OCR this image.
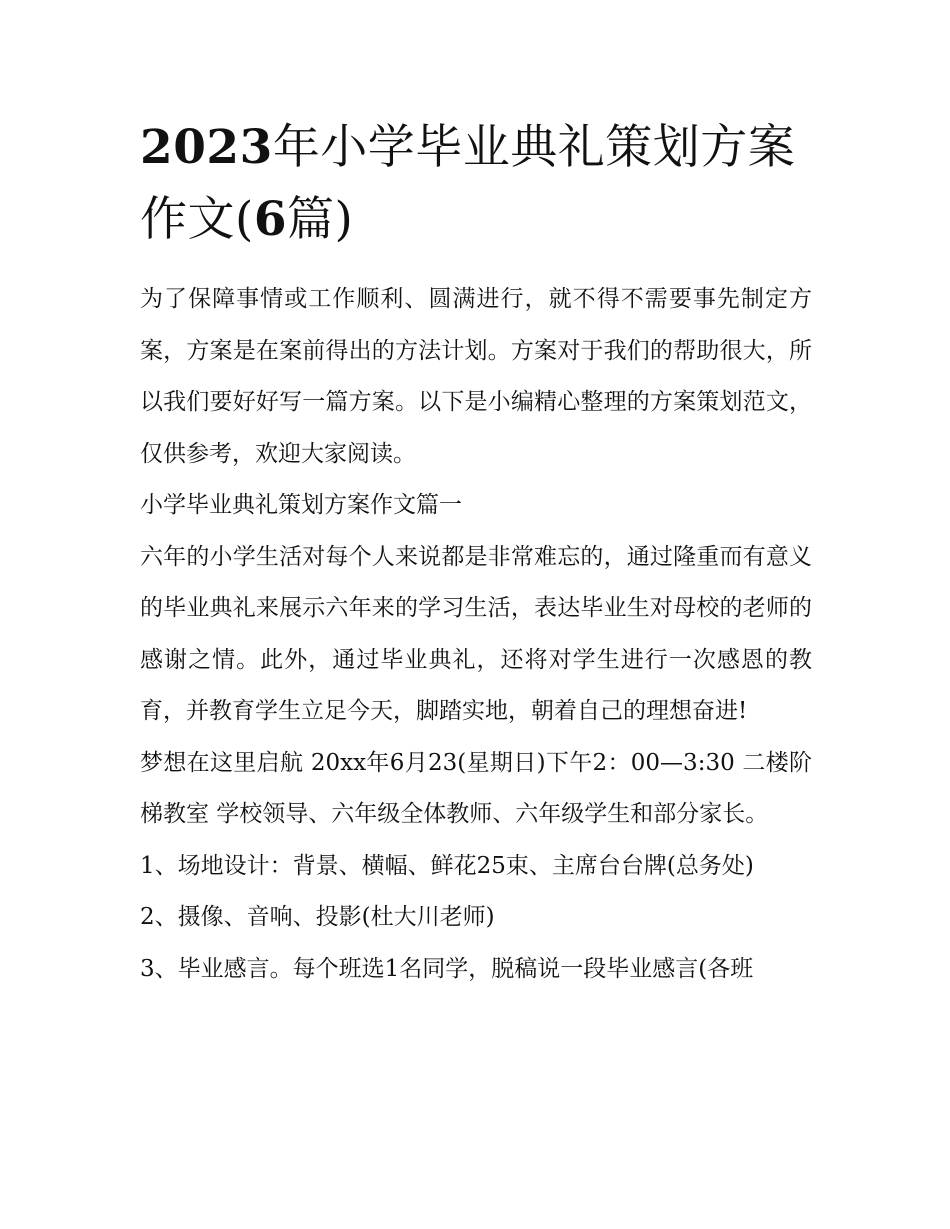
2023年小学毕业典礼策划方案作文(6篇)

为了保障事情或工作顺利、圆满进行，就不得不需要事先制定方案，方案是在案前得出的方法计划。方案对于我们的帮助很大，所以我们要好好写一篇方案。以下是小编精心整理的方案策划范文，仅供参考，欢迎大家阅读。

小学毕业典礼策划方案作文篇一

六年的小学生活对每个人来说都是非常难忘的，通过隆重而有意义的毕业典礼来展示六年来的学习生活，表达毕业生对母校的老师的感谢之情。此外，通过毕业典礼，还将对学生进行一次感恩的教育，并教育学生立足今天，脚踏实地，朝着自己的理想奋进!

梦想在这里启航 20xx年6月23(星期日)下午2：00—3:30 二楼阶梯教室 学校领导、六年级全体教师、六年级学生和部分家长。

1、场地设计：背景、横幅、鲜花25束、主席台台牌(总务处)

2、摄像、音响、投影(杜大川老师)

3、毕业感言。每个班选1名同学，脱稿说一段毕业感言(各班
